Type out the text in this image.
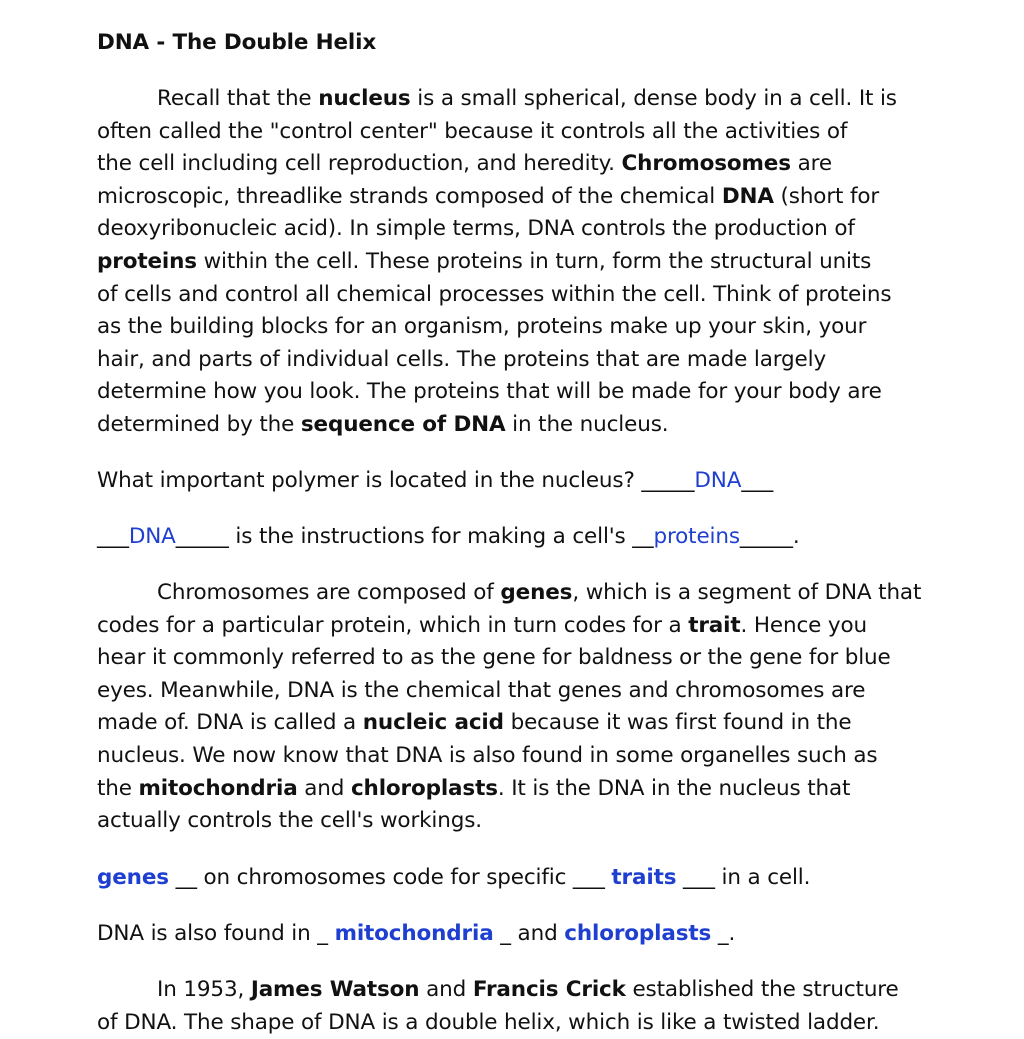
DNA - The Double Helix
Recall that the nucleus is a small spherical, dense body in a cell. It is
often called the "control center" because it controls all the activities of
the cell including cell reproduction, and heredity. Chromosomes are
microscopic, threadlike strands composed of the chemical DNA (short for
deoxyribonucleic acid). In simple terms, DNA controls the production of
proteins within the cell. These proteins in turn, form the structural units
of cells and control all chemical processes within the cell. Think of proteins
as the building blocks for an organism, proteins make up your skin, your
hair, and parts of individual cells. The proteins that are made largely
determine how you look. The proteins that will be made for your body are
determined by the sequence of DNA in the nucleus.
What important polymer is located in the nucleus? _____DNA___
___DNA_____ is the instructions for making a cell's __proteins_____.
Chromosomes are composed of genes, which is a segment of DNA that
codes for a particular protein, which in turn codes for a trait. Hence you
hear it commonly referred to as the gene for baldness or the gene for blue
eyes. Meanwhile, DNA is the chemical that genes and chromosomes are
made of. DNA is called a nucleic acid because it was first found in the
nucleus. We now know that DNA is also found in some organelles such as
the mitochondria and chloroplasts. It is the DNA in the nucleus that
actually controls the cell's workings.
genes __ on chromosomes code for specific ___ traits ___ in a cell.
DNA is also found in _ mitochondria _ and chloroplasts _.
In 1953, James Watson and Francis Crick established the structure
of DNA. The shape of DNA is a double helix, which is like a twisted ladder.
